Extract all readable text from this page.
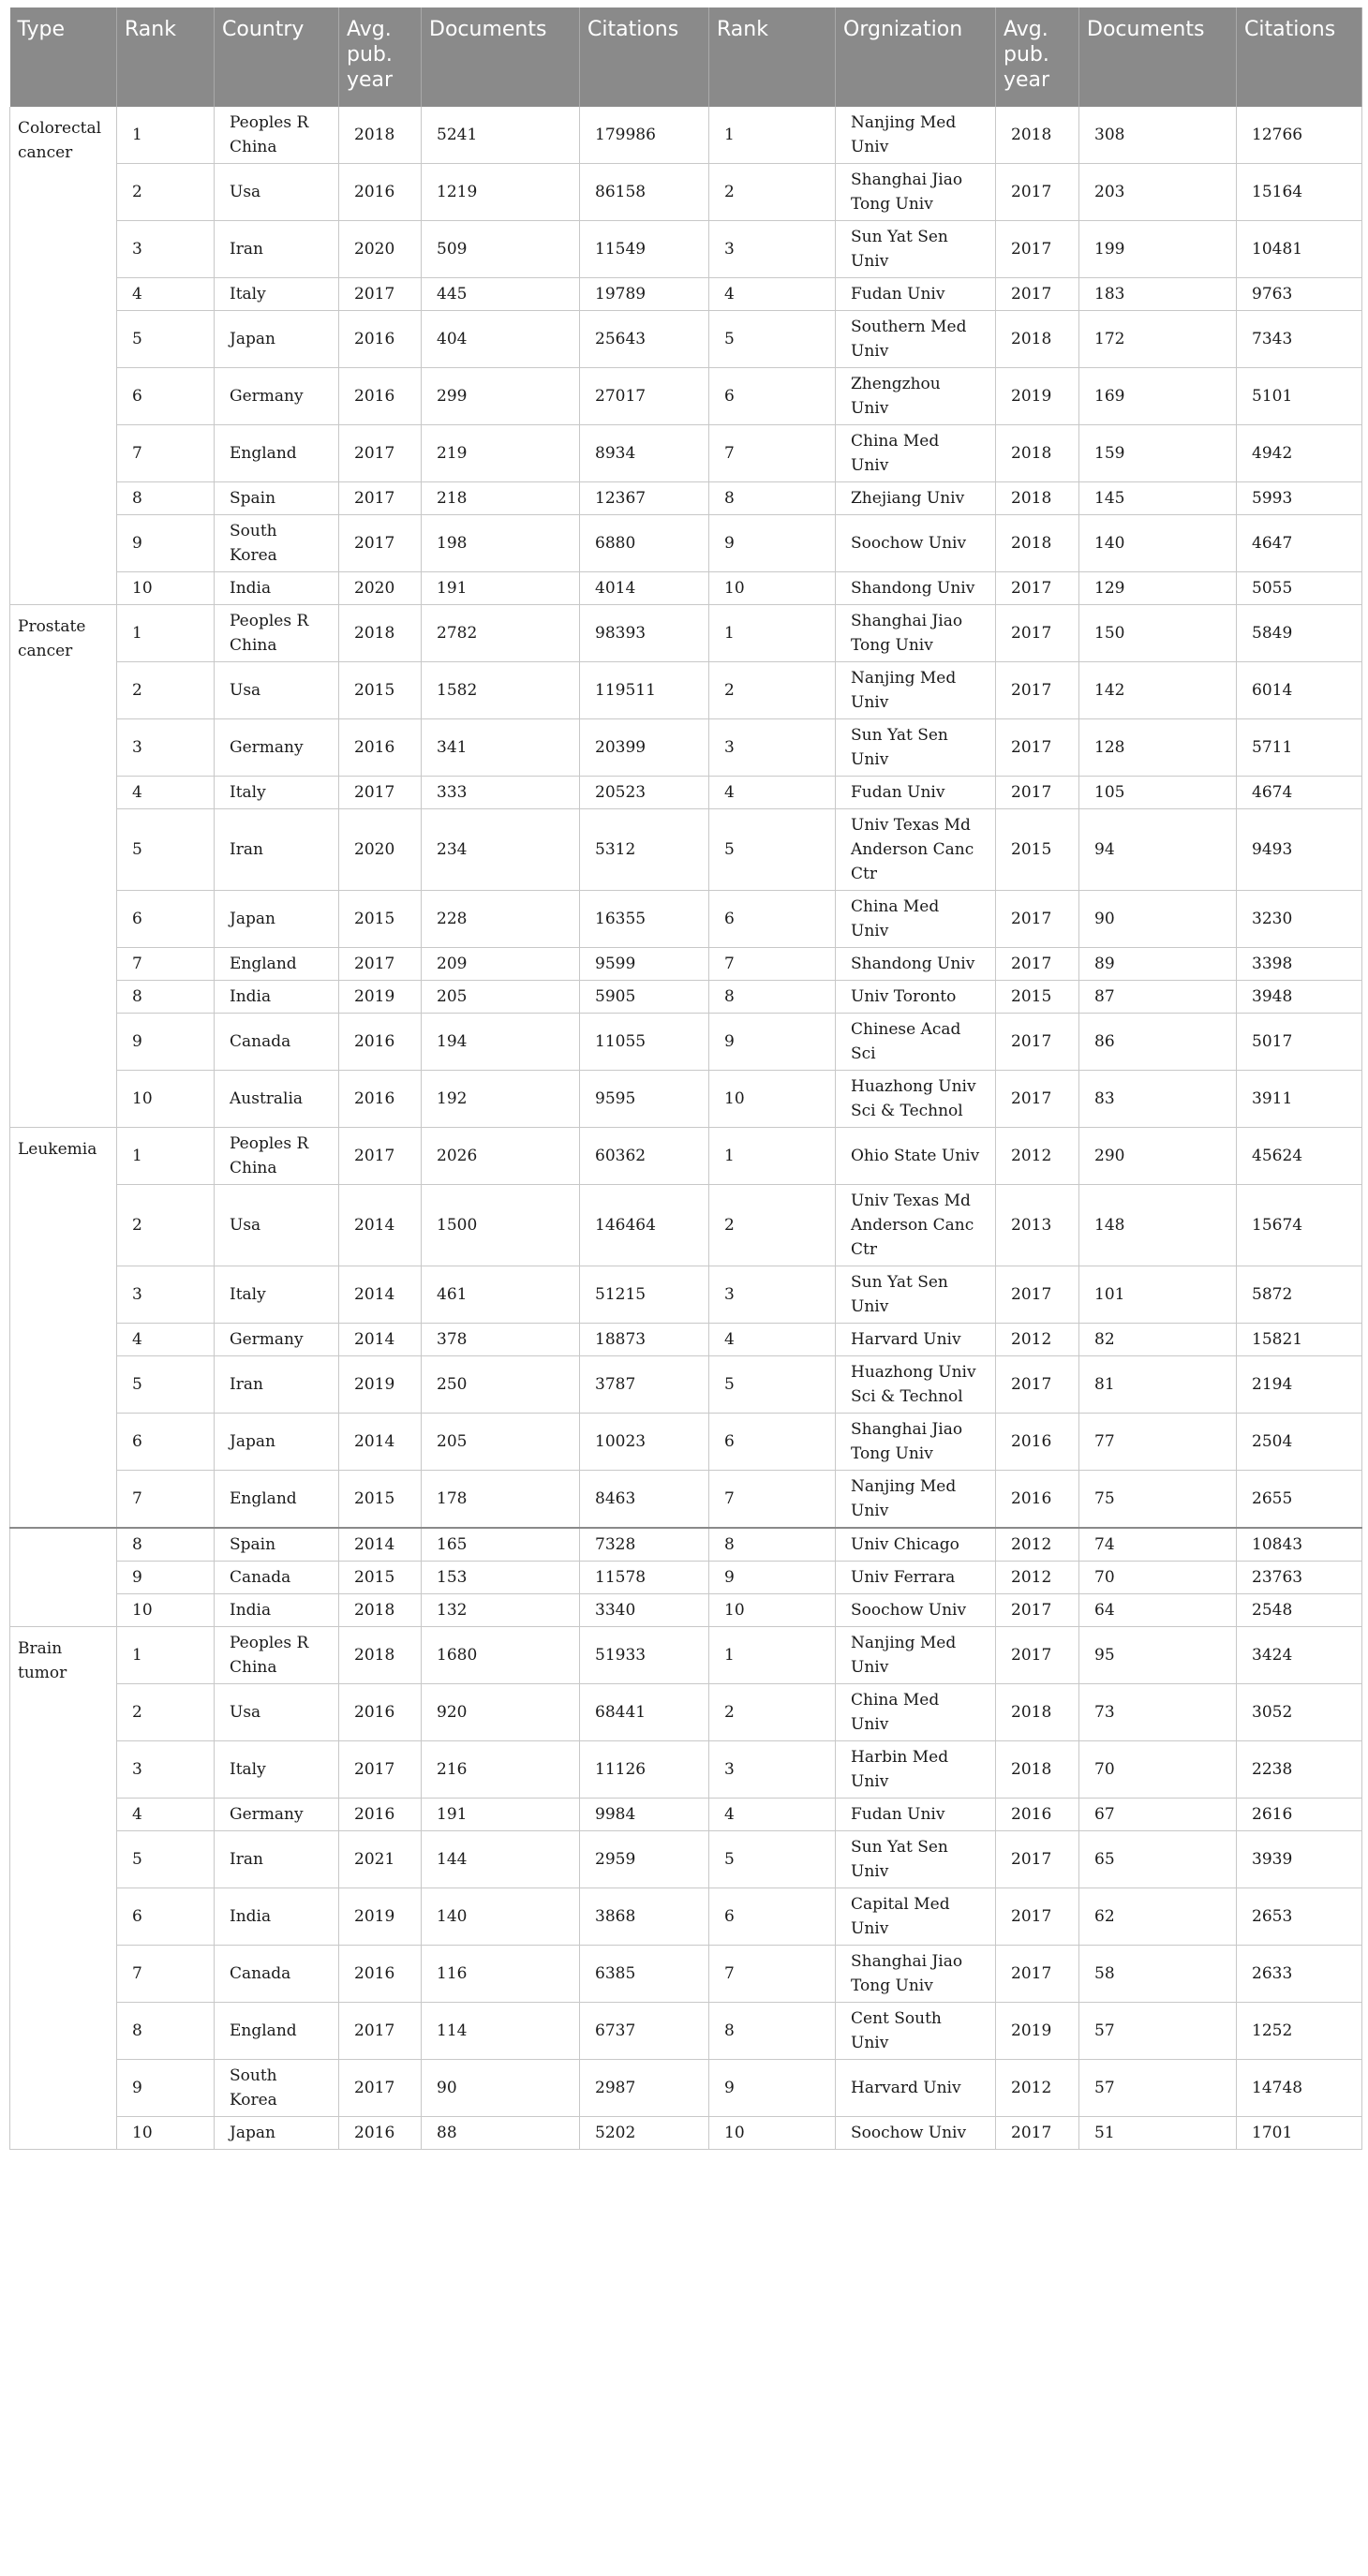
Type	Rank	Country	Avg. pub. year	Documents	Citations	Rank	Orgnization	Avg. pub. year	Documents	Citations
Colorectal cancer	1	Peoples R China	2018	5241	179986	1	Nanjing Med Univ	2018	308	12766
	2	Usa	2016	1219	86158	2	Shanghai Jiao Tong Univ	2017	203	15164
	3	Iran	2020	509	11549	3	Sun Yat Sen Univ	2017	199	10481
	4	Italy	2017	445	19789	4	Fudan Univ	2017	183	9763
	5	Japan	2016	404	25643	5	Southern Med Univ	2018	172	7343
	6	Germany	2016	299	27017	6	Zhengzhou Univ	2019	169	5101
	7	England	2017	219	8934	7	China Med Univ	2018	159	4942
	8	Spain	2017	218	12367	8	Zhejiang Univ	2018	145	5993
	9	South Korea	2017	198	6880	9	Soochow Univ	2018	140	4647
	10	India	2020	191	4014	10	Shandong Univ	2017	129	5055
Prostate cancer	1	Peoples R China	2018	2782	98393	1	Shanghai Jiao Tong Univ	2017	150	5849
	2	Usa	2015	1582	119511	2	Nanjing Med Univ	2017	142	6014
	3	Germany	2016	341	20399	3	Sun Yat Sen Univ	2017	128	5711
	4	Italy	2017	333	20523	4	Fudan Univ	2017	105	4674
	5	Iran	2020	234	5312	5	Univ Texas Md Anderson Canc Ctr	2015	94	9493
	6	Japan	2015	228	16355	6	China Med Univ	2017	90	3230
	7	England	2017	209	9599	7	Shandong Univ	2017	89	3398
	8	India	2019	205	5905	8	Univ Toronto	2015	87	3948
	9	Canada	2016	194	11055	9	Chinese Acad Sci	2017	86	5017
	10	Australia	2016	192	9595	10	Huazhong Univ Sci & Technol	2017	83	3911
Leukemia	1	Peoples R China	2017	2026	60362	1	Ohio State Univ	2012	290	45624
	2	Usa	2014	1500	146464	2	Univ Texas Md Anderson Canc Ctr	2013	148	15674
	3	Italy	2014	461	51215	3	Sun Yat Sen Univ	2017	101	5872
	4	Germany	2014	378	18873	4	Harvard Univ	2012	82	15821
	5	Iran	2019	250	3787	5	Huazhong Univ Sci & Technol	2017	81	2194
	6	Japan	2014	205	10023	6	Shanghai Jiao Tong Univ	2016	77	2504
	7	England	2015	178	8463	7	Nanjing Med Univ	2016	75	2655
	8	Spain	2014	165	7328	8	Univ Chicago	2012	74	10843
	9	Canada	2015	153	11578	9	Univ Ferrara	2012	70	23763
	10	India	2018	132	3340	10	Soochow Univ	2017	64	2548
Brain tumor	1	Peoples R China	2018	1680	51933	1	Nanjing Med Univ	2017	95	3424
	2	Usa	2016	920	68441	2	China Med Univ	2018	73	3052
	3	Italy	2017	216	11126	3	Harbin Med Univ	2018	70	2238
	4	Germany	2016	191	9984	4	Fudan Univ	2016	67	2616
	5	Iran	2021	144	2959	5	Sun Yat Sen Univ	2017	65	3939
	6	India	2019	140	3868	6	Capital Med Univ	2017	62	2653
	7	Canada	2016	116	6385	7	Shanghai Jiao Tong Univ	2017	58	2633
	8	England	2017	114	6737	8	Cent South Univ	2019	57	1252
	9	South Korea	2017	90	2987	9	Harvard Univ	2012	57	14748
	10	Japan	2016	88	5202	10	Soochow Univ	2017	51	1701
